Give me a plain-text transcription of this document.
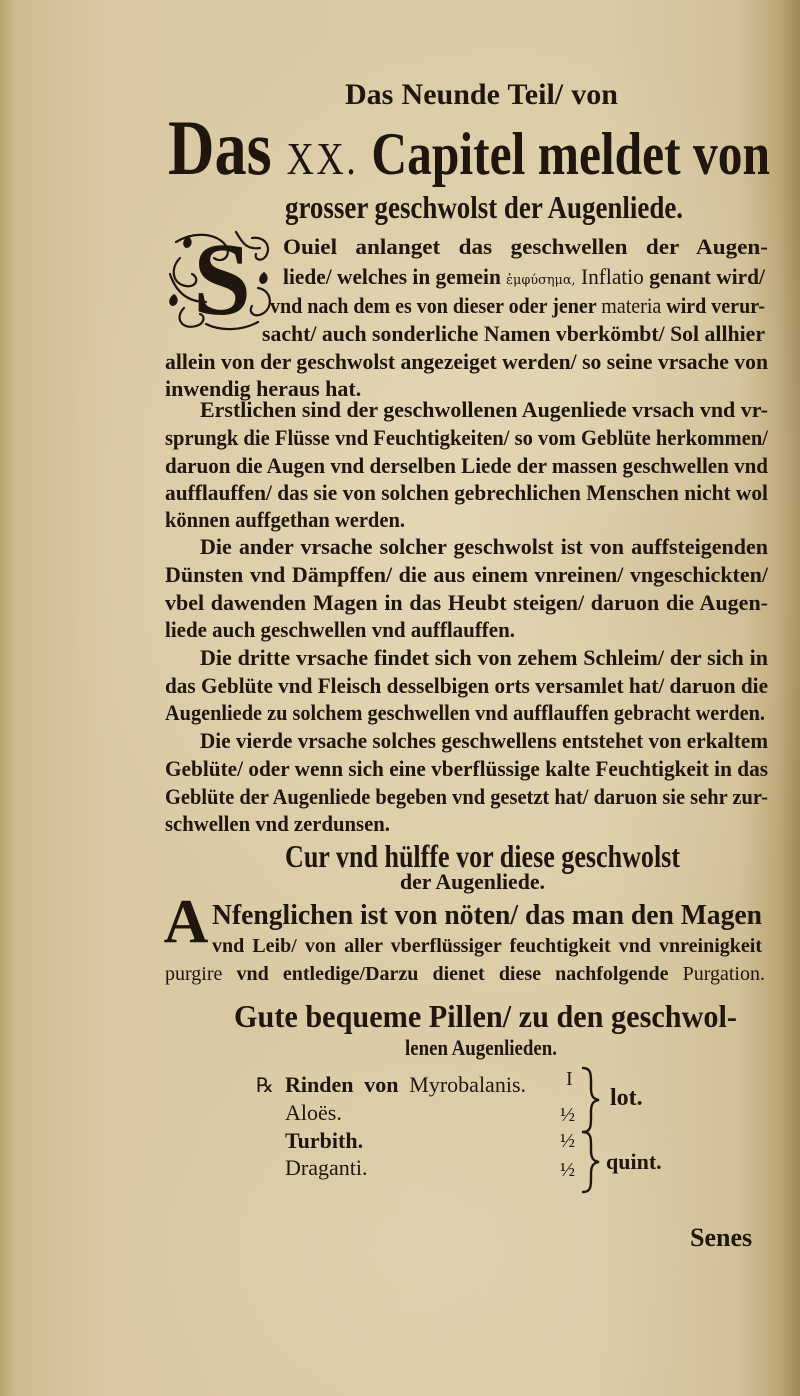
Das Neunde Teil/ von
Das XX. Capitel meldet von
grosser geschwolst der Augenliede.
S	Ouiel anlanget das geschwellen der Augen-
liede/ welches in gemein ἐμφύσημα, Inflatio genant wird/
vnd nach dem es von dieser oder jener materia wird verur-
sacht/ auch sonderliche Namen vberkömbt/ Sol allhier
allein von der geschwolst angezeiget werden/ so seine vrsache von
inwendig heraus hat.
Erstlichen sind der geschwollenen Augenliede vrsach vnd vr-
sprungk die Flüsse vnd Feuchtigkeiten/ so vom Geblüte herkommen/
daruon die Augen vnd derselben Liede der massen geschwellen vnd
aufflauffen/ das sie von solchen gebrechlichen Menschen nicht wol
können auffgethan werden.
Die ander vrsache solcher geschwolst ist von auffsteigenden
Dünsten vnd Dämpffen/ die aus einem vnreinen/ vngeschickten/
vbel dawenden Magen in das Heubt steigen/ daruon die Augen-
liede auch geschwellen vnd aufflauffen.
Die dritte vrsache findet sich von zehem Schleim/ der sich in
das Geblüte vnd Fleisch desselbigen orts versamlet hat/ daruon die
Augenliede zu solchem geschwellen vnd aufflauffen gebracht werden.
Die vierde vrsache solches geschwellens entstehet von erkaltem
Geblüte/ oder wenn sich eine vberflüssige kalte Feuchtigkeit in das
Geblüte der Augenliede begeben vnd gesetzt hat/ daruon sie sehr zur-
schwellen vnd zerdunsen.
Cur vnd hülffe vor diese geschwolst
der Augenliede.
A Nfenglichen ist von nöten/ das man den Magen
vnd Leib/ von aller vberflüssiger feuchtigkeit vnd vnreinigkeit
purgire vnd entledige/Darzu dienet diese nachfolgende Purgation.
Gute bequeme Pillen/ zu den geschwol-
lenen Augenlieden.
℞ Rinden von Myrobalanis.
Aloës.
Turbith.
Draganti.
I
½
½
½
lot.
quint.
Senes
